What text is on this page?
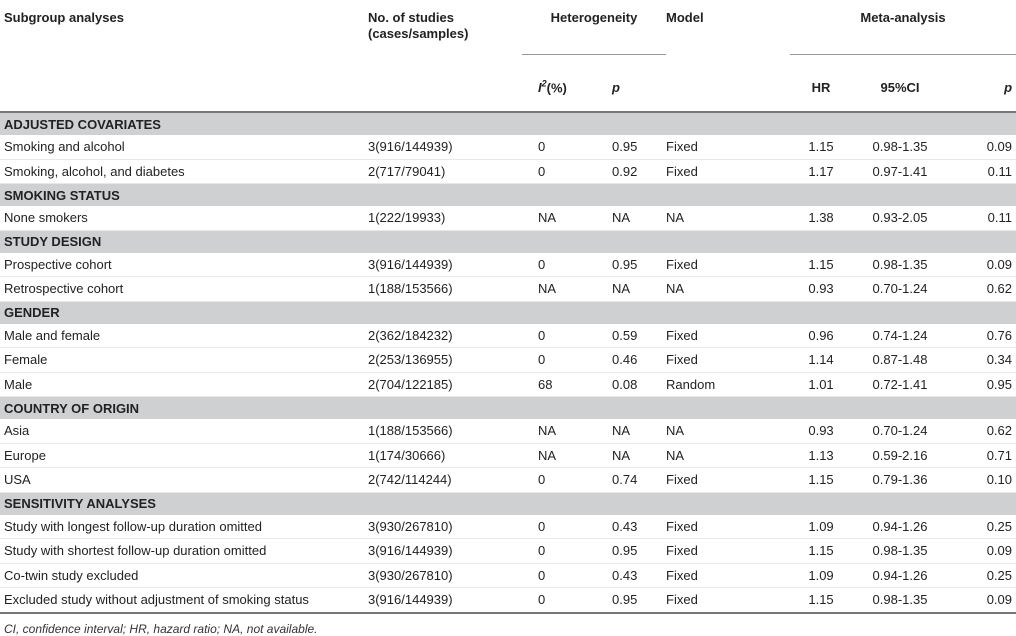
Subgroup analyses	No. of studies (cases/samples)	Heterogeneity		Model	Meta-analysis		
		$I^2(\%)$	p		HR	95%CI	p
ADJUSTED COVARIATES							
Smoking and alcohol	3(916/144939)	0	0.95	Fixed	1.15	0.98-1.35	0.09
Smoking, alcohol, and diabetes	2(717/79041)	0	0.92	Fixed	1.17	0.97-1.41	0.11
SMOKING STATUS							
None smokers	1(222/19933)	NA	NA	NA	1.38	0.93-2.05	0.11
STUDY DESIGN							
Prospective cohort	3(916/144939)	0	0.95	Fixed	1.15	0.98-1.35	0.09
Retrospective cohort	1(188/153566)	NA	NA	NA	0.93	0.70-1.24	0.62
GENDER							
Male and female	2(362/184232)	0	0.59	Fixed	0.96	0.74-1.24	0.76
Female	2(253/136955)	0	0.46	Fixed	1.14	0.87-1.48	0.34
Male	2(704/122185)	68	0.08	Random	1.01	0.72-1.41	0.95
COUNTRY OF ORIGIN							
Asia	1(188/153566)	NA	NA	NA	0.93	0.70-1.24	0.62
Europe	1(174/30666)	NA	NA	NA	1.13	0.59-2.16	0.71
USA	2(742/114244)	0	0.74	Fixed	1.15	0.79-1.36	0.10
SENSITIVITY ANALYSES							
Study with longest follow-up duration omitted	3(930/267810)	0	0.43	Fixed	1.09	0.94-1.26	0.25
Study with shortest follow-up duration omitted	3(916/144939)	0	0.95	Fixed	1.15	0.98-1.35	0.09
Co-twin study excluded	3(930/267810)	0	0.43	Fixed	1.09	0.94-1.26	0.25
Excluded study without adjustment of smoking status	3(916/144939)	0	0.95	Fixed	1.15	0.98-1.35	0.09
CI, confidence interval; HR, hazard ratio; NA, not available.
